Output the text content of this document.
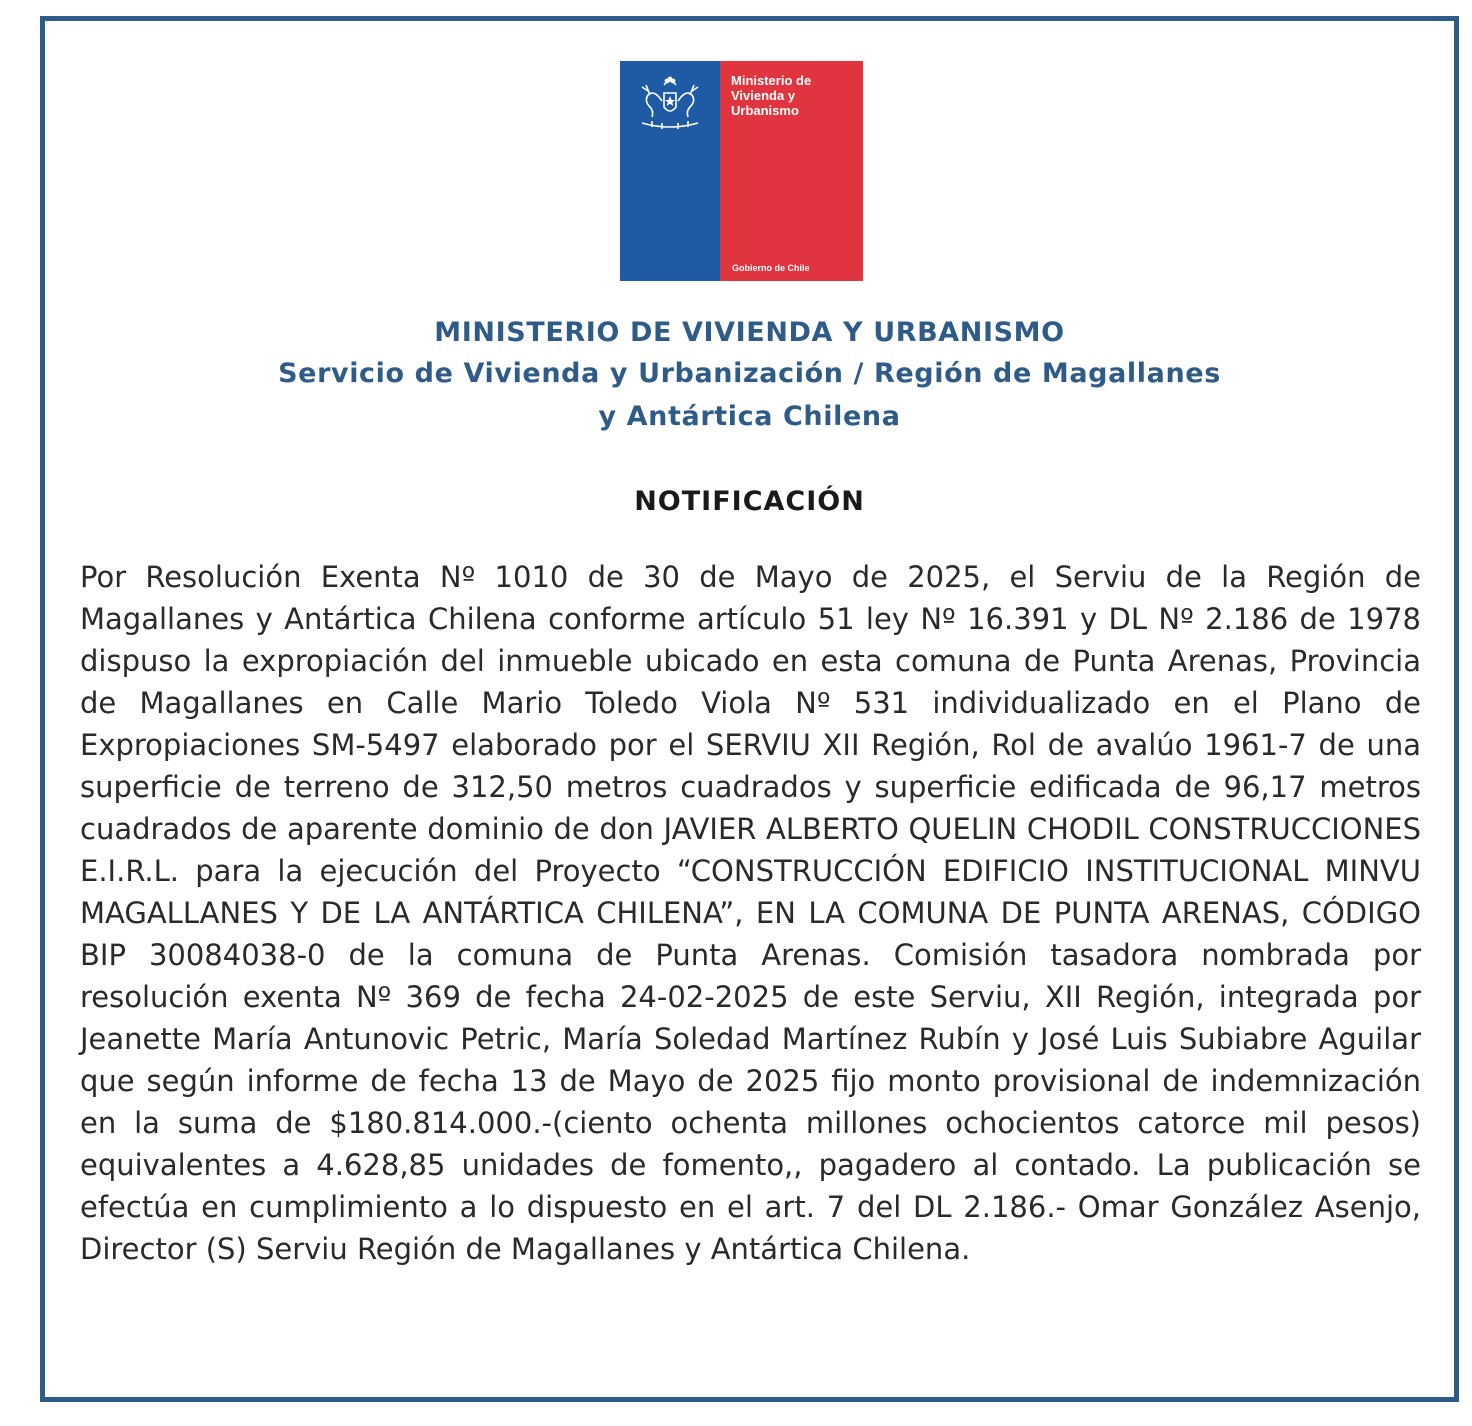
Ministerio de
Vivienda y
Urbanismo
Gobierno de Chile
MINISTERIO DE VIVIENDA Y URBANISMO
Servicio de Vivienda y Urbanización / Región de Magallanes
y Antártica Chilena
NOTIFICACIÓN

Por Resolución Exenta Nº 1010 de 30 de Mayo de 2025, el Serviu de la Región de Magallanes y Antártica Chilena conforme artículo 51 ley Nº 16.391 y DL Nº 2.186 de 1978 dispuso la expropiación del inmueble ubicado en esta comuna de Punta Arenas, Provincia de Magallanes en Calle Mario Toledo Viola Nº 531 individualizado en el Plano de Expropiaciones SM-5497 elaborado por el SERVIU XII Región, Rol de avalúo 1961-7 de una superficie de terreno de 312,50 metros cuadrados y superficie edificada de 96,17 metros cuadrados de aparente dominio de don JAVIER ALBERTO QUELIN CHODIL CONSTRUCCIONES E.I.R.L. para la ejecución del Proyecto “CONSTRUCCIÓN EDIFICIO INSTITUCIONAL MINVU MAGALLANES Y DE LA ANTÁRTICA CHILENA”, EN LA COMUNA DE PUNTA ARENAS, CÓDIGO BIP 30084038-0 de la comuna de Punta Arenas. Comisión tasadora nombrada por resolución exenta Nº 369 de fecha 24-02-2025 de este Serviu, XII Región, integrada por Jeanette María Antunovic Petric, María Soledad Martínez Rubín y José Luis Subiabre Aguilar que según informe de fecha 13 de Mayo de 2025 fijo monto provisional de indemnización en la suma de $180.814.000.-(ciento ochenta millones ochocientos catorce mil pesos) equivalentes a 4.628,85 unidades de fomento,, pagadero al contado. La publicación se efectúa en cumplimiento a lo dispuesto en el art. 7 del DL 2.186.- Omar González Asenjo, Director (S) Serviu Región de Magallanes y Antártica Chilena.
